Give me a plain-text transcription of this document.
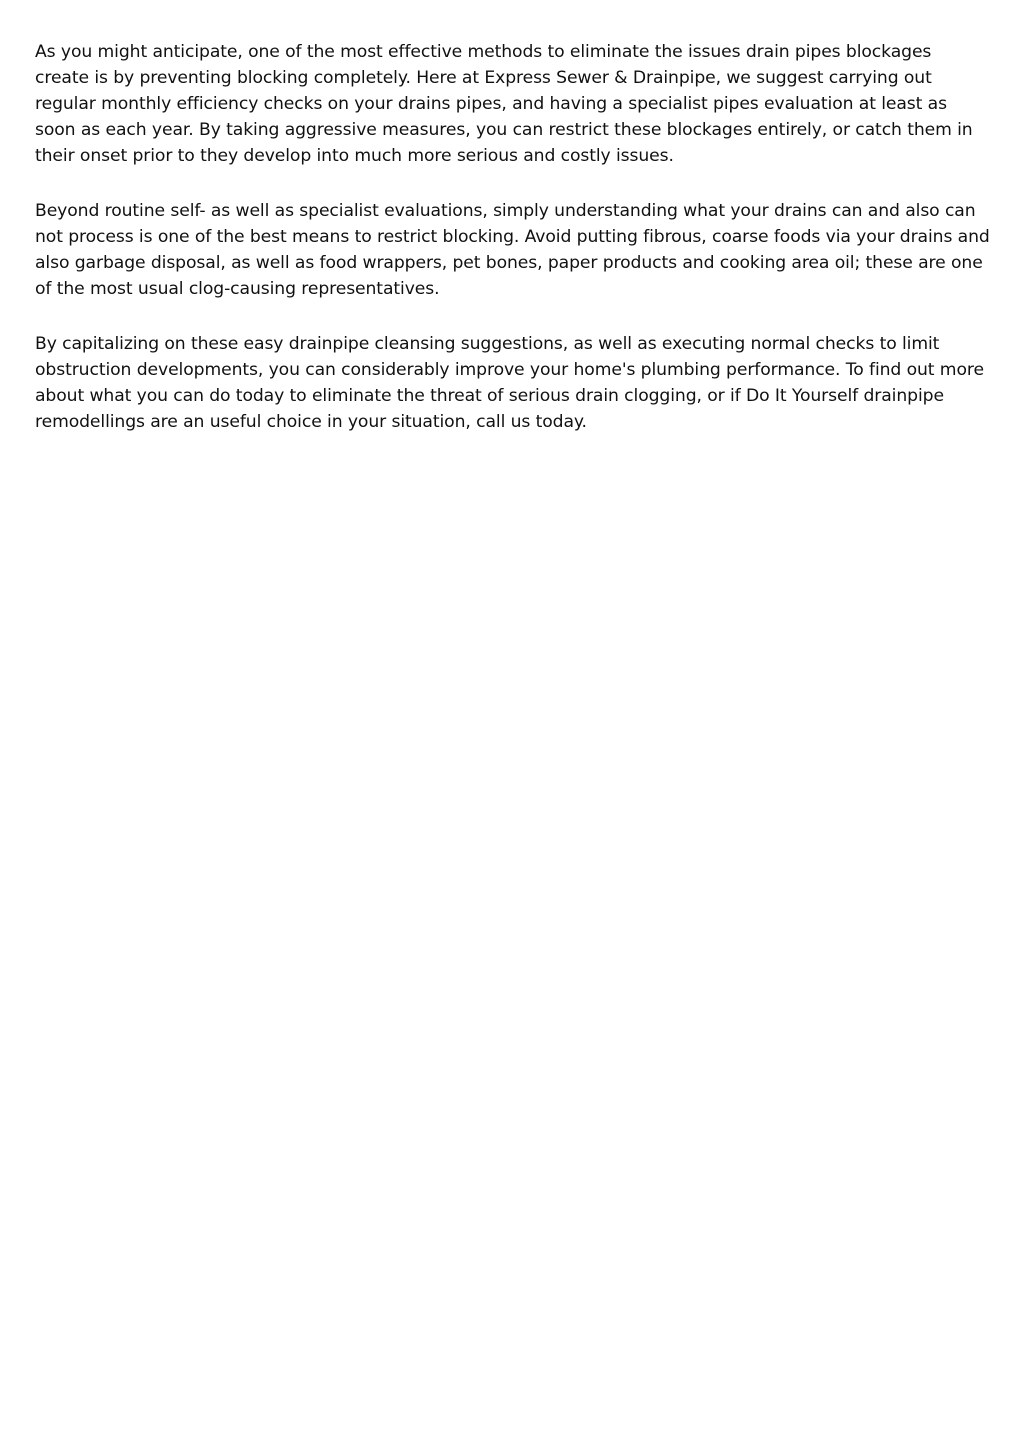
As you might anticipate, one of the most effective methods to eliminate the issues drain pipes blockages create is by preventing blocking completely. Here at Express Sewer & Drainpipe, we suggest carrying out regular monthly efficiency checks on your drains pipes, and having a specialist pipes evaluation at least as soon as each year. By taking aggressive measures, you can restrict these blockages entirely, or catch them in their onset prior to they develop into much more serious and costly issues.

Beyond routine self- as well as specialist evaluations, simply understanding what your drains can and also can not process is one of the best means to restrict blocking. Avoid putting fibrous, coarse foods via your drains and also garbage disposal, as well as food wrappers, pet bones, paper products and cooking area oil; these are one of the most usual clog-causing representatives.

By capitalizing on these easy drainpipe cleansing suggestions, as well as executing normal checks to limit obstruction developments, you can considerably improve your home's plumbing performance. To find out more about what you can do today to eliminate the threat of serious drain clogging, or if Do It Yourself drainpipe remodellings are an useful choice in your situation, call us today.
